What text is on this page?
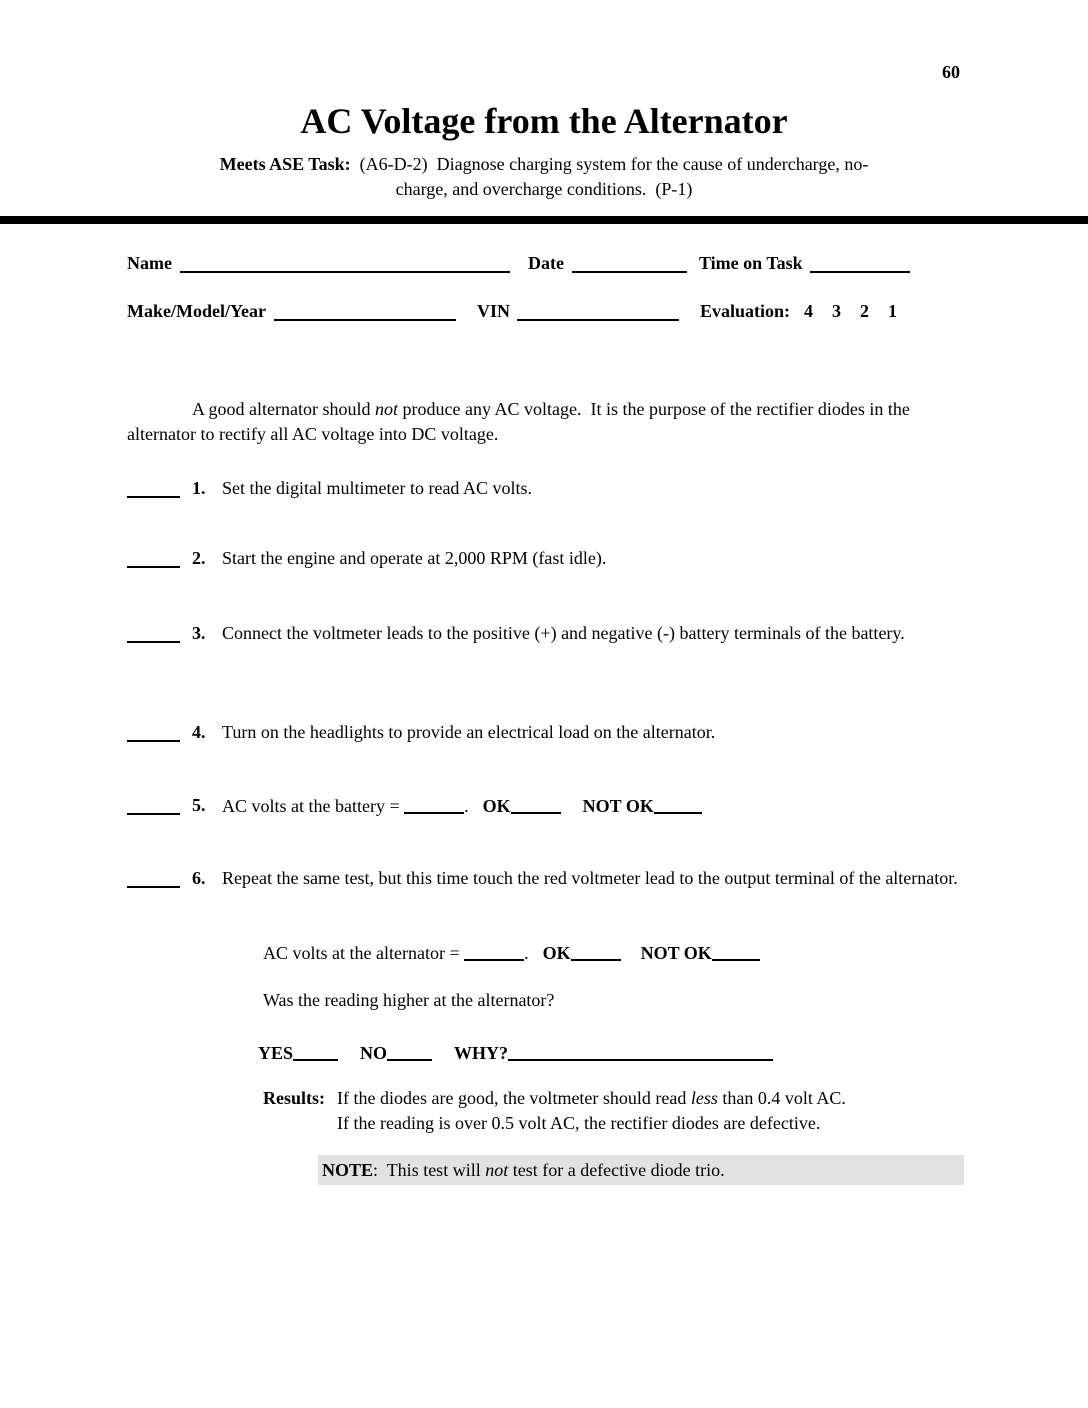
60
AC Voltage from the Alternator
Meets ASE Task:  (A6-D-2)  Diagnose charging system for the cause of undercharge, no-
charge, and overcharge conditions.  (P-1)
Name	Date	Time on Task
Make/Model/Year	VIN	Evaluation: 4 3 2 1
A good alternator should not produce any AC voltage.  It is the purpose of the rectifier diodes in the alternator to rectify all AC voltage into DC voltage.
1. Set the digital multimeter to read AC volts.
2. Start the engine and operate at 2,000 RPM (fast idle).
3. Connect the voltmeter leads to the positive (+) and negative (-) battery terminals of the battery.
4. Turn on the headlights to provide an electrical load on the alternator.
5. AC volts at the battery =	. OK	NOT OK
6. Repeat the same test, but this time touch the red voltmeter lead to the output terminal of the alternator.
AC volts at the alternator =	. OK	NOT OK
Was the reading higher at the alternator?
YES	NO	WHY?
Results: If the diodes are good, the voltmeter should read less than 0.4 volt AC.
If the reading is over 0.5 volt AC, the rectifier diodes are defective.
NOTE:  This test will not test for a defective diode trio.
